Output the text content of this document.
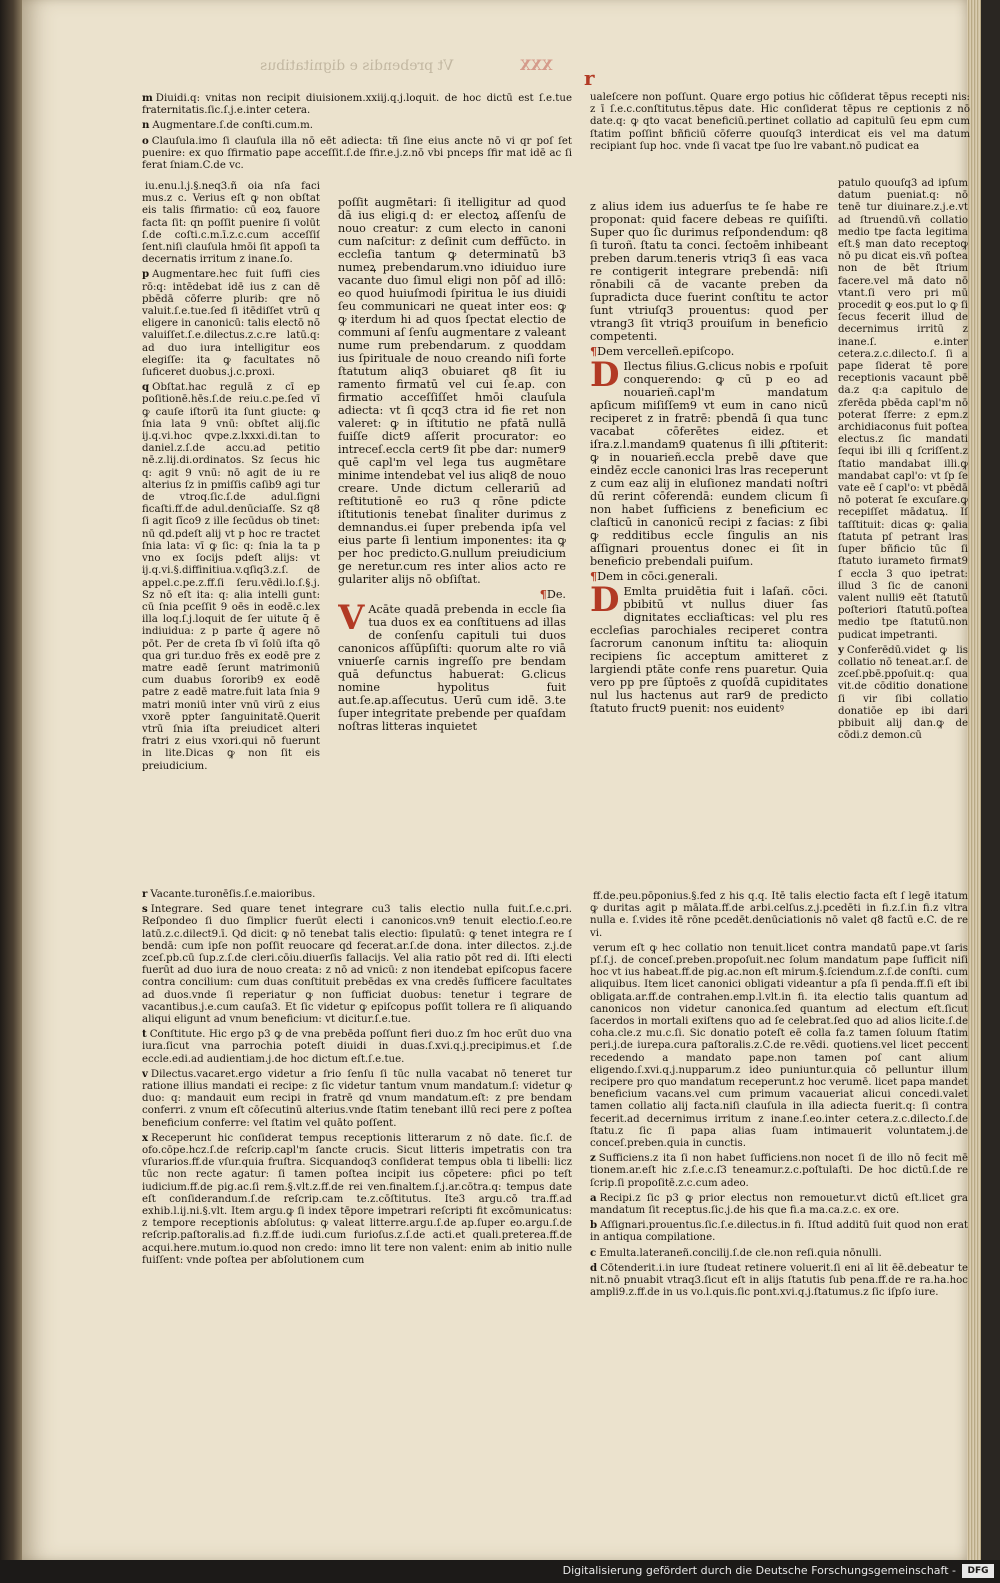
Vt prebendis e dignitatibus	XXX r

m Diuidi.q: vnitas non recipit diuisionem.xxiij.q.j.loquit. de hoc dictū est ſ.e.tue fraternitatis.ſic.ſ.j.e.inter cetera.

n Augmentare.ſ.de conſti.cum.m.

o Clauſula.imo ſi clauſula illa nō eēt adiecta: tñ ſine eius ancte nō vi qr poſ ſet puenire: ex quo ſfirmatio pape acceſſit.ſ.de ſfir.e.j.z.nō vbi pnceps ſfir mat idē ac ſi ferat ſniam.C.de vc.

iu.enu.l.j.§.neq3.ñ oia nſa faci mus.z c. Verius eſt ꝙ non obſtat eis talis ſfirmatio: cū eoꝝ fauore facta ſit: qn poſſit puenire ſi volūt ſ.de coſti.c.m.ī.z.c.cum acceſſiſ ſent.niſi clauſula hmōi ſit appoſi ta decernatis irritum z inane.ſo.

p Augmentare.hec fuit ſuffi cies rō:q: intēdebat idē ius z can dē pbēdā cōferre plurib: qre nō valuit.ſ.e.tue.ſed ſi itēdiſſet vtrū q eligere in canonicū: talis electō nō valuiſſet.ſ.e.dilectus.z.c.re latū.q: ad duo iura intelligitur eos elegiſſe: ita ꝙ facultates nō ſuficeret duobus.j.c.proxi.

q Obſtat.hac regulā z cī ep poſitionē.hēs.ſ.de reiu.c.pe.ſed vī ꝙ cauſe iſtorū ita ſunt giucte: ꝙ ſnia lata 9 vnū: obſtet alij.ſic ij.q.vi.hoc qvpe.z.lxxxi.di.tan to daniel.z.ſ.de accu.ad petitio nē.z.lij.di.ordinatos. Sz ſecus hic q: agit 9 vnū: nō agit de iu re alterius ſz in pmiſſis caſib9 agi tur de vtroq.ſic.ſ.de adul.ſigni ficaſti.ff.de adul.denūciaſſe. Sz q8 ſi agit ſīco9 z ille ſecūdus ob tinet: nū qd.pdeſt alij vt p hoc re tractet ſnia lata: vī ꝙ ſic: q: ſnia la ta p vno ex ſocijs pdeſt alijs: vt ij.q.vi.§.diffinitiua.v.qſiq3.z.ſ. de appel.c.pe.z.ff.ſi ſeru.vēdi.lo.ſ.§.j. Sz nō eſt ita: q: alia intelli gunt: cū ſnia pceſſit 9 oēs in eodē.c.lex illa loq.ſ.j.loquit de ſer uitute q̄ ē indiuidua: z p parte q̄ agere nō pōt. Per de creta ſb vī ſolū iſta qō qua gri tur.duo frēs ex eodē pre z matre eadē ſerunt matrimoniū cum duabus ſororib9 ex eodē patre z eadē matre.fuit lata ſnia 9 matri moniū inter vnū virū z eius vxorē ppter ſanguinitatē.Querit vtrū ſnia iſta preiudicet alteri fratri z eius vxori.qui nō fuerunt in lite.Dicas ꝙ non ſit eis preiudicium.

poſſit augmētari: ſi itelligitur ad quod dā ius eligi.q d: er electoꝝ aſſenſu de nouo creatur: z cum electo in canoni cum naſcitur: z deſinit cum deffūcto. in eccleſia tantum ꝙ determinatū b3 numeꝝ prebendarum.vno idiuiduo iure vacante duo ſimul eligi non pōſ ad illō: eo quod huiuſmodi ſpiritua le ius diuidi ſeu communicari ne queat inter eos: ꝙ ꝙ iterdum hi ad quos ſpectat electio de communi aſ ſenſu augmentare z valeant nume rum prebendarum. z quoddam ius ſpirituale de nouo creando niſi forte ſtatutum aliq3 obuiaret q8 ſit iu ramento firmatū vel cui ſe.ap. con firmatio acceſſiſſet hmōi clauſula adiecta: vt ſi qcq3 ctra id fie ret non valeret: ꝙ in iſtitutio ne pfatā nullā fuiſſe dict9 aſſerit procurator: eo intreceſ.eccla cert9 ſit pbe dar: numer9 quē capl'm vel lega tus augmētare minime intendebat vel ius aliq8 de nouo creare. Unde dictum cellerariū ad reſtitutionē eo ru3 q rōne pdicte iſtitutionis tenebat ſinaliter durimus z demnandus.ei ſuper prebenda ipſa vel eius parte ſi lentium imponentes: ita ꝙ per hoc predicto.G.nullum preiudicium ge neretur.cum res inter alios acto re gulariter alijs nō obſiſtat.

¶De.

V Acāte quadā prebenda in eccle ſia tua duos ex ea conſtituens ad illas de conſenſu capituli tui duos canonicos aſſūpſiſti: quorum alte ro viā vniuerſe carnis ingreſſo pre bendam quā defunctus habuerat: G.clicus nomine hypolitus fuit aut.ſe.ap.aſſecutus. Uerū cum idē. 3.te ſuper integritate prebende per quaſdam noſtras litteras inquietet

z alius idem ius aduerſus te ſe habe re proponat: quid facere debeas re quiſiſti. Super quo ſic durimus reſpondendum: q8 ſi turoñ. ſtatu ta conci. ſectoēm inhibeant preben darum.teneris vtriq3 ſi eas vaca re contigerit integrare prebendā: niſi rōnabili cā de vacante preben da ſupradicta duce fuerint conſtitu te actor ſunt vtriuſq3 prouentus: quod per vtrang3 ſit vtriq3 prouiſum in beneficio competenti.

¶Dem vercelleñ.epiſcopo.

D Ilectus filius.G.clicus nobis e rpoſuit conquerendo: ꝙ cū p eo ad nouarieñ.capl'm mandatum apſicum miſiſſem9 vt eum in cano nicū reciperet z in fratrē: pbendā ſi qua tunc vacabat cōferētes eidez. et iſra.z.l.mandam9 quatenus ſi illi ꝓſtiterit: ꝙ in nouarieñ.eccla prebē dave que eindēz eccle canonici lras lras receperunt z cum eaz alij in eluſionez mandati noſtri dū rerint cōferendā: eundem clicum ſi non habet ſufficiens z beneficium ec claſticū in canonicū recipi z facias: z ſibi ꝙ redditibus eccle ſingulis an nis aſſignari prouentus donec ei ſit in beneficio prebendali puiſum.

¶Dem in cōci.generali.

D Emlta pruidētia fuit i laſañ. cōci. pbibitū vt nullus diuer ſas dignitates eccliaſticas: vel plu res eccleſias parochiales reciperet contra ſacrorum canonum inſtitu ta: alioquin recipiens ſic acceptum amitteret z largiendi ptāte confe rens puaretur. Quia vero pp pre ſūptoēs z quoſdā cupiditates nul lus hactenus aut rar9 de predicto ſtatuto fruct9 puenit: nos euidentꝰ

ualeſcere non poſſunt. Quare ergo potius hic cōſiderat tēpus recepti nis: z ī ſ.e.c.conſtitutus.tēpus date. Hic conſiderat tēpus re ceptionis z nō date.q: ꝙ qto vacat beneficiū.pertinet collatio ad capitulū ſeu epm cum ſtatim poſſint bñficiū cōferre quouſq3 interdicat eis vel ma datum recipiant ſup hoc. vnde ſi vacat tpe ſuo lre vabant.nō pudicat ea

patulo quouſq3 ad ipſum datum pueniat.q: nō tenē tur diuinare.z.j.e.vt ad ſtruendū.vñ collatio medio tpe facta legitima eſt.§ man dato receptoꝙ nō pu dicat eis.vñ poſtea non de bēt ſtrium facere.vel mā dato nō vtant.ſi vero pri mū procedit ꝙ eos.put lo ꝙ ſi ſecus fecerit illud de decernimus irritū z inane.ſ. e.inter cetera.z.c.dilecto.ſ. ſi a pape ſiderat tē pore receptionis vacaunt pbē da.z q:a capitulo de zferēda pbēda capl'm nō poterat ſferre: z epm.z archidiaconus fuit poſtea electus.z ſic mandati ſequi ibi illi q ſcriſſent.z ſtatio mandabat illi.ꝙ mandabat capl'o: vt ſp ſe vate eē ſ capl'o: vt pbēdā nō poterat ſe excuſare.ꝙ recepiſſet mādatuꝝ. Iſ taſſtituit: dicas ꝙ: ꝙalia ſtatuta pſ petrant lras ſuper bñficio tūc ſi ſtatuto iurameto firmat9 ſ eccla 3 quo ipetrat: illud 3 ſic de canoni valent nulli9 eēt ſtatutū poſteriori ſtatutū.poſtea medio tpe ſtatutū.non pudicat impetranti.

y Conferēdū.videt ꝙ lis collatio nō teneat.ar.ſ. de zceſ.pbē.ppoſuit.q: qua vit.de cōditio donatione ſi vir ſibi collatio donatiōe ep ibi dari pbibuit alij dan.ꝙ de cōdi.z demon.cū

r Vacante.turonēſis.ſ.e.maioribus.

s Integrare. Sed quare tenet integrare cu3 talis electio nulla fuit.ſ.e.c.pri. Reſpondeo ſi duo ſimplicr fuerūt electi i canonicos.vn9 tenuit electio.ſ.eo.re latū.z.c.dilect9.ī. Qd dicit: ꝙ nō tenebat talis electio: ſipulatū: ꝙ tenet integra re ſ bendā: cum ipſe non poſſit reuocare qd fecerat.ar.ſ.de dona. inter dilectos. z.j.de zceſ.pb.cū ſup.z.ſ.de cleri.cōiu.diuerſis fallacijs. Vel alia ratio pōt red di. Iſti electi fuerūt ad duo iura de nouo creata: z nō ad vnicū: z non itendebat epiſcopus facere contra concilium: cum duas conſtituit prebēdas ex vna credēs ſufficere facultates ad duos.vnde ſi reperiatur ꝙ non ſufficiat duobus: tenetur i tegrare de vacantibus.j.e.cum cauſa3. Et ſic videtur ꝙ epiſcopus poſſit tollera re ſi aliquando aliqui eligunt ad vnum beneficium: vt dicitur.ſ.e.tue.

t Conſtitute. Hic ergo p3 ꝙ de vna prebēda poſſunt fieri duo.z ſm hoc erūt duo vna iura.ſicut vna parrochia poteſt diuidi in duas.ſ.xvi.q.j.precipimus.et ſ.de eccle.edi.ad audientiam.j.de hoc dictum eſt.ſ.e.tue.

v Dilectus.vacaret.ergo videtur a ſrio ſenſu ſi tūc nulla vacabat nō teneret tur ratione illius mandati ei recipe: z ſic videtur tantum vnum mandatum.ſ: videtur ꝙ duo: q: mandauit eum recipi in fratrē qd vnum mandatum.eſt: z pre bendam conferri. z vnum eſt cōſecutinū alterius.vnde ſtatim tenebant illū reci pere z poſtea beneficium conferre: vel ſtatim vel quāto poſſent.

x Receperunt hic conſiderat tempus receptionis litterarum z nō date. ſic.ſ. de ofo.cōpe.hcz.ſ.de reſcrip.capl'm ſancte crucis. Sicut litteris impetratis con tra vſurarios.ff.de vſur.quia fruſtra. Sicquandoq3 conſiderat tempus obla ti libelli: licz tūc non recte agatur: ſi tamen poſtea incipit ius cōpetere: pfici po teſt iudicium.ff.de pig.ac.ſi rem.§.vlt.z.ff.de rei ven.finaltem.ſ.j.ar.cōtra.q: tempus date eſt conſiderandum.ſ.de reſcrip.cam te.z.cōſtitutus. Ite3 argu.cō tra.ff.ad exhib.l.ij.ni.§.vlt. Item argu.ꝙ ſi index tēpore impetrari reſcripti fit excōmunicatus: z tempore receptionis abſolutus: ꝙ valeat litterre.argu.ſ.de ap.ſuper eo.argu.ſ.de reſcrip.paſtoralis.ad fi.z.ff.de iudi.cum furioſus.z.ſ.de acti.et quali.preterea.ff.de acqui.here.mutum.io.quod non credo: imno lit tere non valent: enim ab initio nulle fuiſſent: vnde poſtea per abſolutionem cum

ff.de.peu.pōponius.§.fed z his q.q. Itē talis electio facta eſt ſ legē itatum ꝙ duritas agit p mālata.ff.de arbi.celſus.z.j.pcedēti in fi.z.ſ.in fi.z vltra nulla e. ſ.vides itē rōne pcedēt.denūciationis nō valet q8 factū e.C. de re vi.

verum eſt ꝙ hec collatio non tenuit.licet contra mandatū pape.vt ſaris pſ.ſ.j. de conceſ.preben.propoſuit.nec ſolum mandatum pape ſufficit niſi hoc vt ius habeat.ff.de pig.ac.non eſt mirum.§.ſciendum.z.ſ.de conſti. cum aliquibus. Item licet canonici obligati videantur a pſa ſi penda.ff.ſi eſt ibi obligata.ar.ff.de contrahen.emp.l.vlt.in fi. ita electio talis quantum ad canonicos non videtur canonica.ſed quantum ad electum eſt.ſicut ſacerdos in mortali exiſtens quo ad ſe celebrat.ſed quo ad alios licite.ſ.de coha.cle.z mu.c.ſi. Sic donatio poteſt eē colla fa.z tamen ſoluum ſtatim peri.j.de iurepa.cura paſtoralis.z.C.de re.vēdi. quotiens.vel licet peccent recedendo a mandato pape.non tamen poſ cant alium eligendo.ſ.xvi.q.j.nupparum.z ideo puniuntur.quia cō pelluntur illum recipere pro quo mandatum receperunt.z hoc verumē. licet papa mandet beneficium vacans.vel cum primum vacaueriat alicui concedi.valet tamen collatio alij facta.niſi clauſula in illa adiecta fuerit.q: ſi contra fecerit.ad decernimus irritum z inane.ſ.eo.inter cetera.z.c.dilecto.ſ.de ſtatu.z ſic ſi papa alias ſuam intimauerit voluntatem.j.de conceſ.preben.quia in cunctis.

z Sufficiens.z ita ſi non habet ſufficiens.non nocet ſi de illo nō fecit mē tionem.ar.eſt hic z.ſ.e.c.ſ3 teneamur.z.c.poſtulaſti. De hoc dictū.ſ.de re ſcrip.ſi propoſitē.z.c.cum adeo.

a Recipi.z ſic p3 ꝙ prior electus non remouetur.vt dictū eſt.licet gra mandatum ſit receptus.ſic.j.de his que fi.a ma.ca.z.c. ex ore.

b Aſſignari.prouentus.ſic.ſ.e.dilectus.in fi. Iſtud additū ſuit quod non erat in antiqua compilatione.

c Emulta.lateraneñ.concilij.ſ.de cle.non reſi.quia nōnulli.

d Cōtenderit.i.in iure ſtudeat retinere voluerit.ſi eni aī lit ēē.debeatur te nit.nō pnuabit vtraq3.ſicut eſt in alijs ſtatutis ſub pena.ff.de re ra.ha.hoc ampli9.z.ff.de in us vo.l.quis.ſic pont.xvi.q.j.ſtatumus.z ſic iſpſo iure.

Digitalisierung gefördert durch die Deutsche Forschungsgemeinschaft -	DFG
